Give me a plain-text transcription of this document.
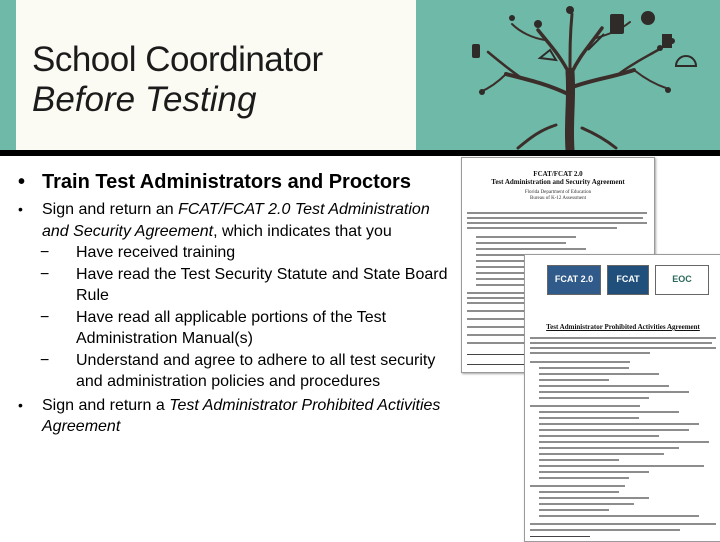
School Coordinator
Before Testing
• Train Test Administrators and Proctors
• Sign and return an FCAT/FCAT 2.0 Test Administration and Security Agreement, which indicates that you
− Have received training
− Have read the Test Security Statute and State Board Rule
− Have read all applicable portions of the Test Administration Manual(s)
− Understand and agree to adhere to all test security and administration policies and procedures
• Sign and return a Test Administrator Prohibited Activities Agreement
FCAT/FCAT 2.0
Test Administration and Security Agreement
Florida Department of Education
Bureau of K-12 Assessment
FCAT 2.0	FCAT	EOC
Test Administrator Prohibited Activities Agreement
